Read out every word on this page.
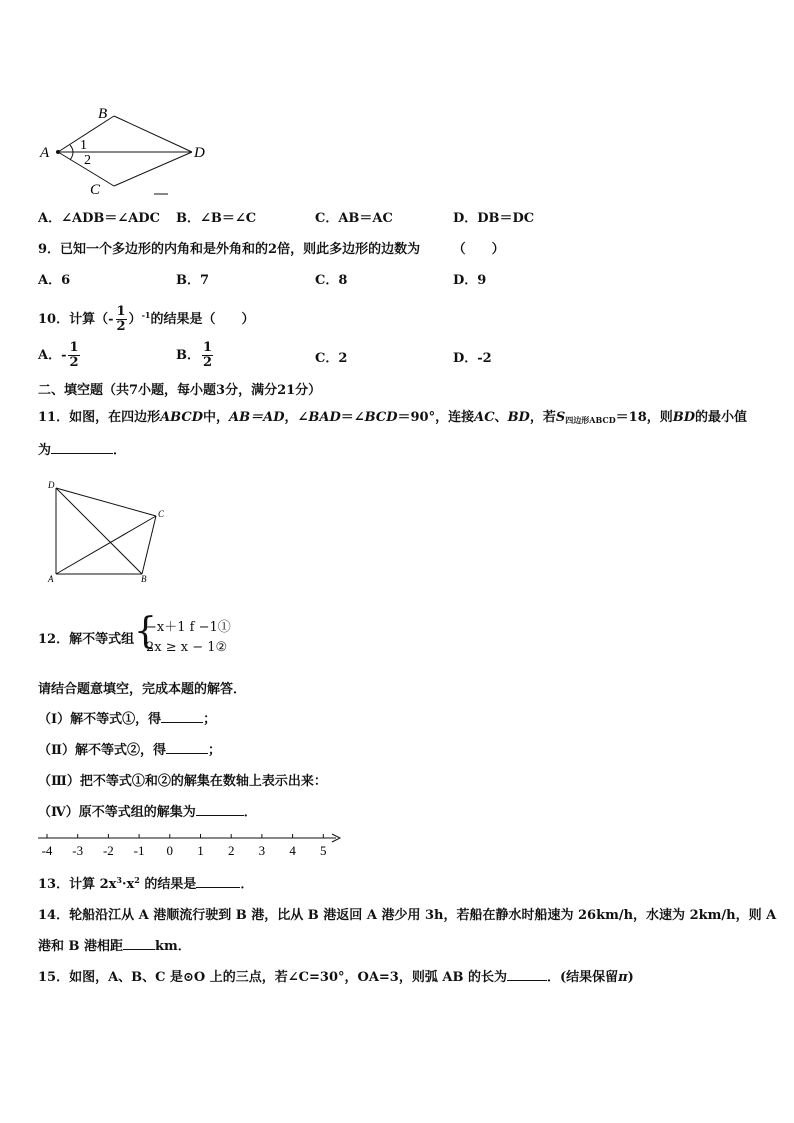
B
A	D
C
1
2
A．∠ADB＝∠ADC B．∠B＝∠C	C．AB＝AC	D．DB＝DC
9．已知一个多边形的内角和是外角和的2倍，则此多边形的边数为	（　　）
A．6	B．7	C．8	D．9
10．计算（- $\frac{1}{2} )^{-1}$的结果是（　　）
A．- $\frac{1}{2}$	B． $\frac{1}{2}$	C．2	D．-2
二、填空题（共7小题，每小题3分，满分21分）
11．如图，在四边形ABCD中，AB＝AD，∠BAD＝∠BCD＝90°，连接AC、BD，若$S_{四边形ABCD}=18$，则BD的最小值
为	．
D
C
A	B
12．解不等式组 {
−x＋1 f −1①
2x ≥ x − 1②
请结合题意填空，完成本题的解答．
（Ⅰ）解不等式①，得	；
（Ⅱ）解不等式②，得	；
（Ⅲ）把不等式①和②的解集在数轴上表示出来：
（Ⅳ）原不等式组的解集为	．
-4 -3 -2 -1 0 1 2 3 4 5
13．计算 $2x^3\cdot x^2$ 的结果是	．
14．轮船沿江从 A 港顺流行驶到 B 港，比从 B 港返回 A 港少用 3h，若船在静水时船速为 26km/h，水速为 2km/h，则 A
港和 B 港相距 km．
15．如图，A、B、C 是⊙O 上的三点，若∠C=30°，OA=3，则弧 AB 的长为	．(结果保留π)
